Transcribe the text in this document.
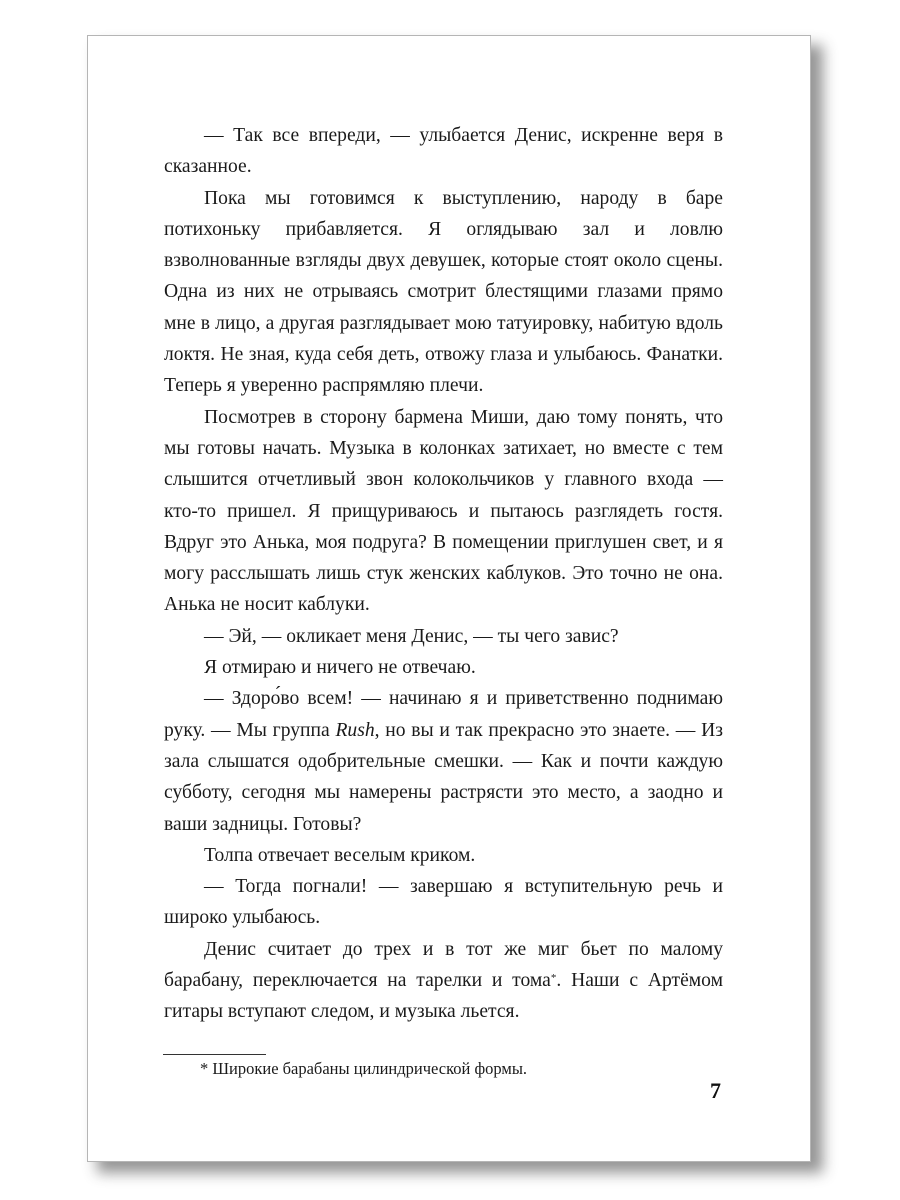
— Так все впереди, — улыбается Денис, искренне веря в сказанное.

Пока мы готовимся к выступлению, народу в баре потихоньку прибавляется. Я оглядываю зал и ловлю взволнованные взгляды двух девушек, которые стоят около сцены. Одна из них не отрываясь смотрит блестящими глазами прямо мне в лицо, а другая разглядывает мою татуировку, набитую вдоль локтя. Не зная, куда себя деть, отвожу глаза и улыбаюсь. Фанатки. Теперь я уверенно распрямляю плечи.

Посмотрев в сторону бармена Миши, даю тому понять, что мы готовы начать. Музыка в колонках затихает, но вместе с тем слышится отчетливый звон колокольчиков у главного входа — кто-то пришел. Я прищуриваюсь и пытаюсь разглядеть гостя. Вдруг это Анька, моя подруга? В помещении приглушен свет, и я могу расслышать лишь стук женских каблуков. Это точно не она. Анька не носит каблуки.

— Эй, — окликает меня Денис, — ты чего завис?

Я отмираю и ничего не отвечаю.

— Здоро́во всем! — начинаю я и приветственно поднимаю руку. — Мы группа Rush, но вы и так прекрасно это знаете. — Из зала слышатся одобрительные смешки. — Как и почти каждую субботу, сегодня мы намерены растрясти это место, а заодно и ваши задницы. Готовы?

Толпа отвечает веселым криком.

— Тогда погнали! — завершаю я вступительную речь и широко улыбаюсь.

Денис считает до трех и в тот же миг бьет по малому барабану, переключается на тарелки и тома*. Наши с Артёмом гитары вступают следом, и музыка льется.

* Широкие барабаны цилиндрической формы.
7
